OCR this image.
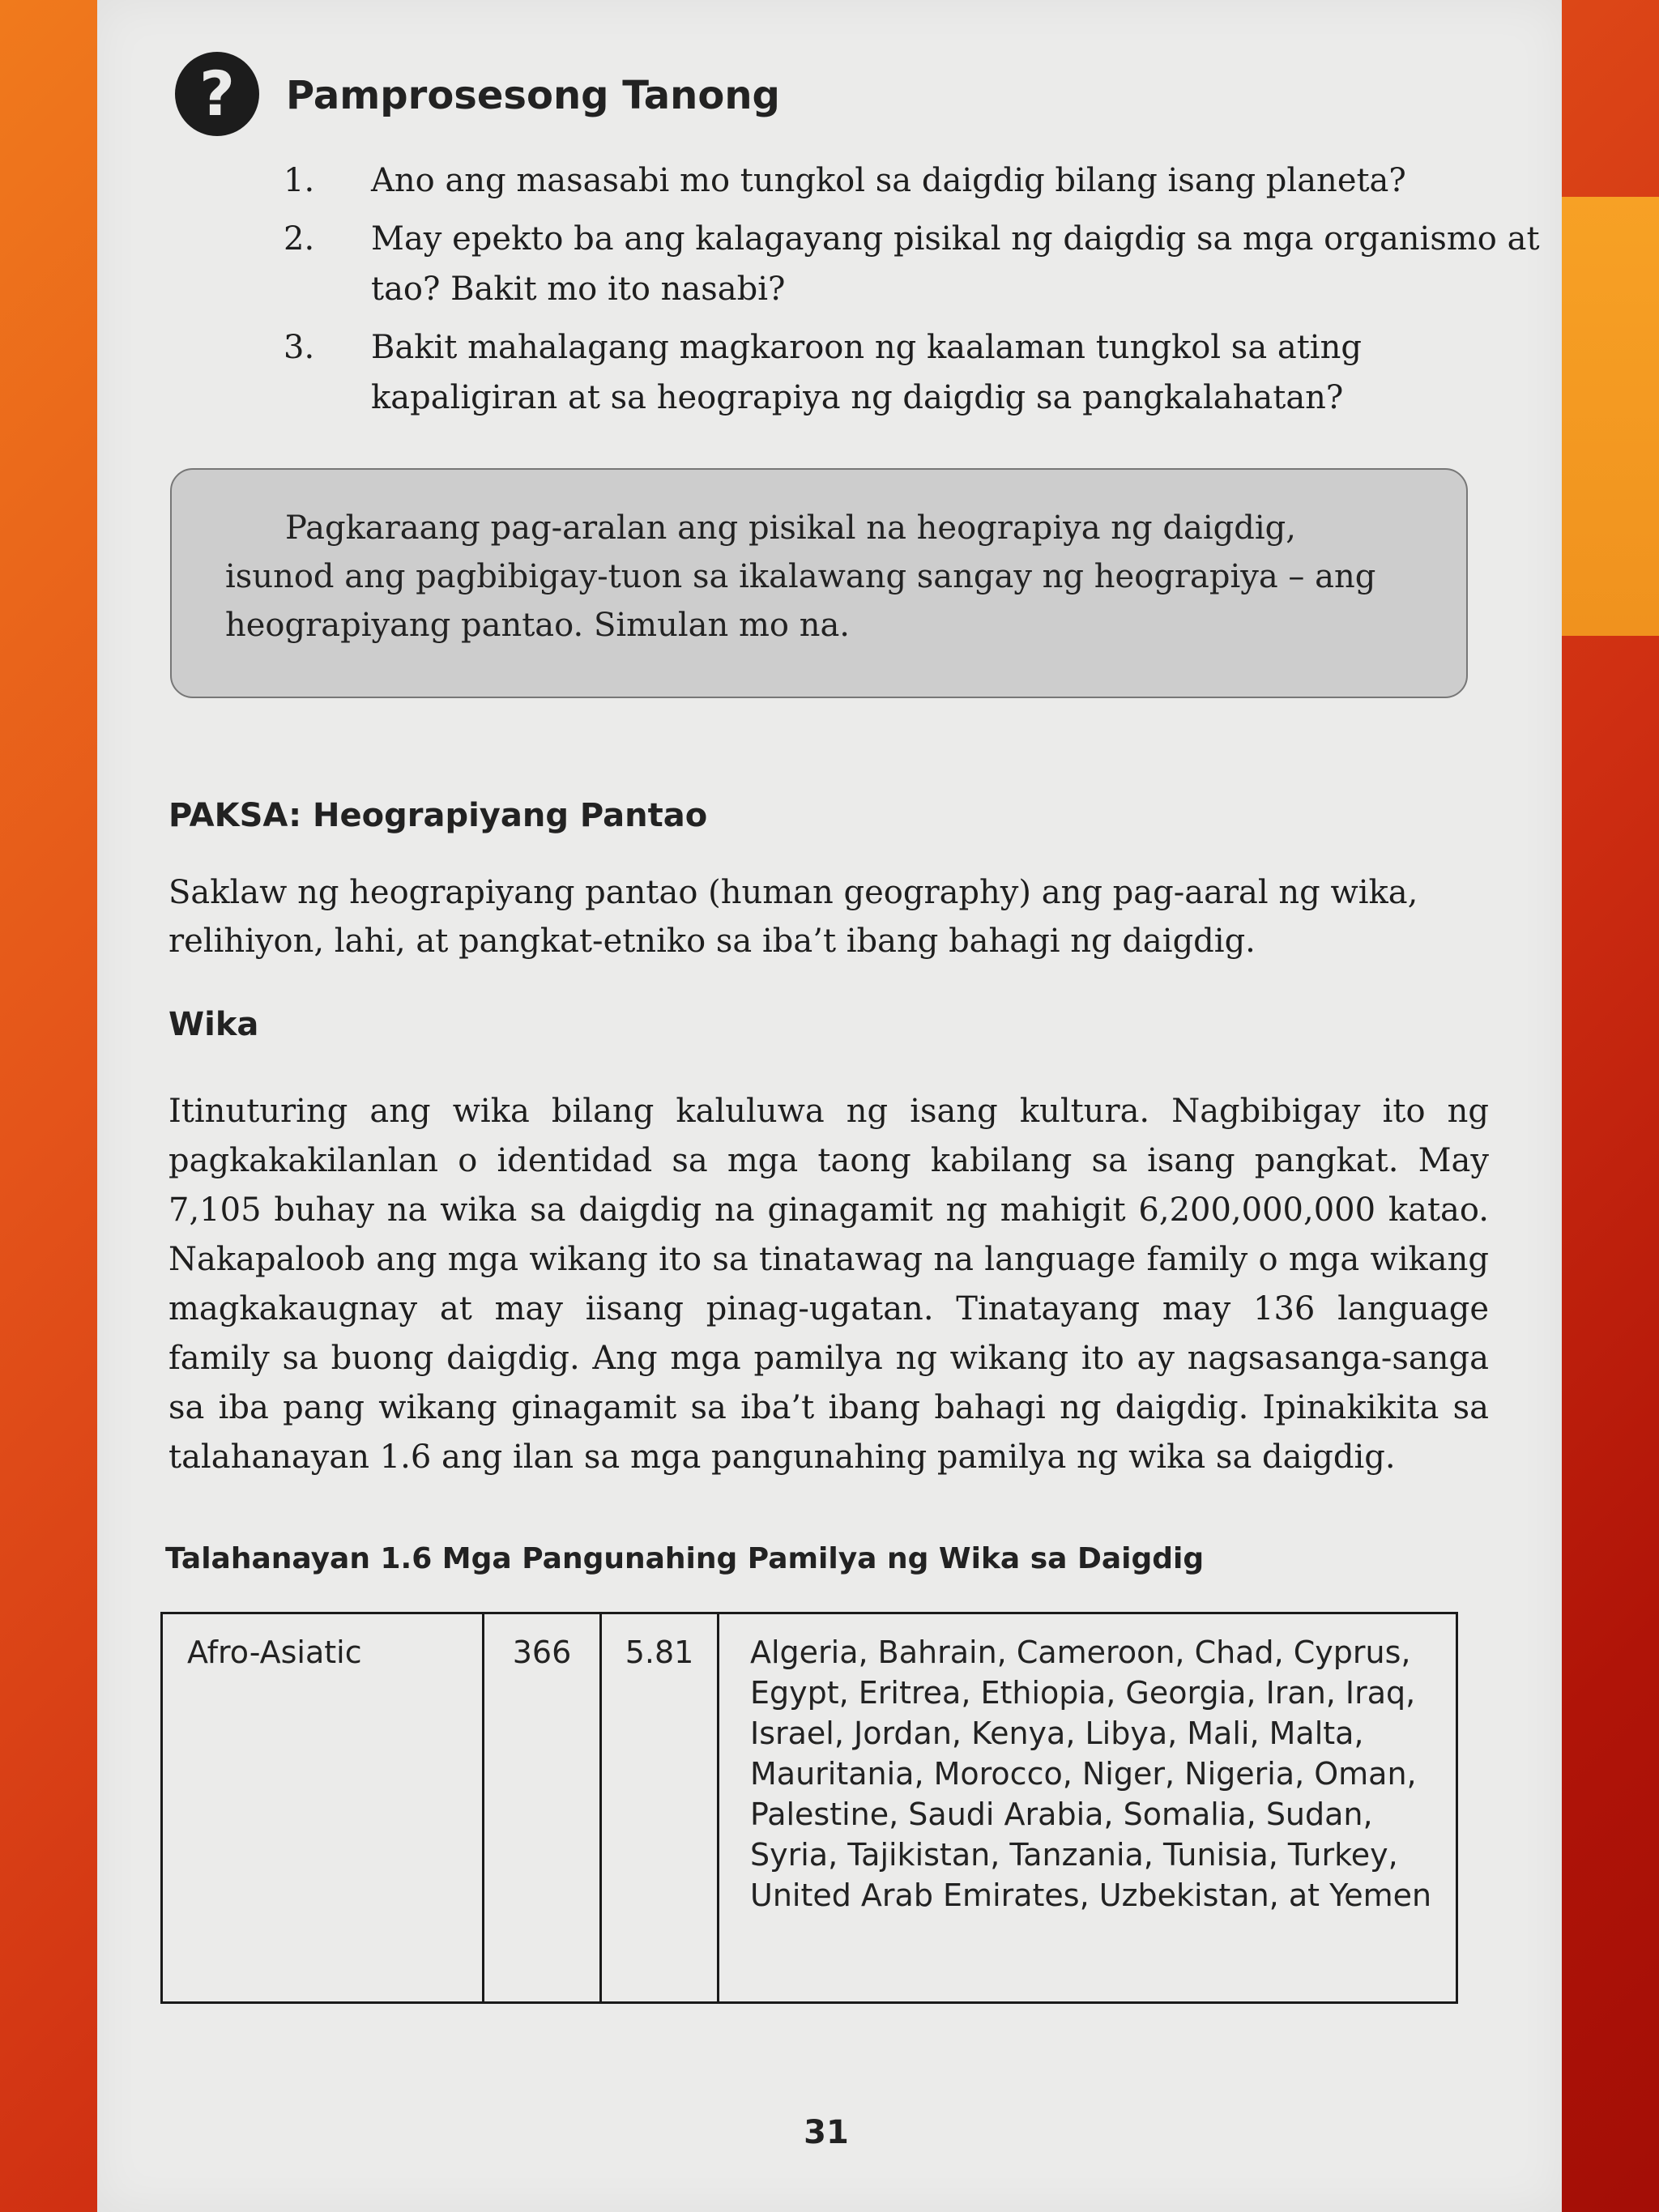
?	Pamprosesong Tanong
1.	Ano ang masasabi mo tungkol sa daigdig bilang isang planeta?
2.	May epekto ba ang kalagayang pisikal ng daigdig sa mga organismo at tao? Bakit mo ito nasabi?
3.	Bakit mahalagang magkaroon ng kaalaman tungkol sa ating kapaligiran at sa heograpiya ng daigdig sa pangkalahatan?

Pagkaraang pag-aralan ang pisikal na heograpiya ng daigdig, isunod ang pagbibigay-tuon sa ikalawang sangay ng heograpiya – ang heograpiyang pantao. Simulan mo na.

PAKSA: Heograpiyang Pantao

Saklaw ng heograpiyang pantao (human geography) ang pag-aaral ng wika, relihiyon, lahi, at pangkat-etniko sa iba’t ibang bahagi ng daigdig.

Wika

Itinuturing ang wika bilang kaluluwa ng isang kultura. Nagbibigay ito ng pagkakakilanlan o identidad sa mga taong kabilang sa isang pangkat. May 7,105 buhay na wika sa daigdig na ginagamit ng mahigit 6,200,000,000 katao. Nakapaloob ang mga wikang ito sa tinatawag na language family o mga wikang magkakaugnay at may iisang pinag-ugatan. Tinatayang may 136 language family sa buong daigdig. Ang mga pamilya ng wikang ito ay nagsasanga-sanga sa iba pang wikang ginagamit sa iba’t ibang bahagi ng daigdig. Ipinakikita sa talahanayan 1.6 ang ilan sa mga pangunahing pamilya ng wika sa daigdig.

Talahanayan 1.6 Mga Pangunahing Pamilya ng Wika sa Daigdig
Afro-Asiatic	366	5.81	Algeria, Bahrain, Cameroon, Chad, Cyprus, Egypt, Eritrea, Ethiopia, Georgia, Iran, Iraq, Israel, Jordan, Kenya, Libya, Mali, Malta, Mauritania, Morocco, Niger, Nigeria, Oman, Palestine, Saudi Arabia, Somalia, Sudan, Syria, Tajikistan, Tanzania, Tunisia, Turkey, United Arab Emirates, Uzbekistan, at Yemen
31
